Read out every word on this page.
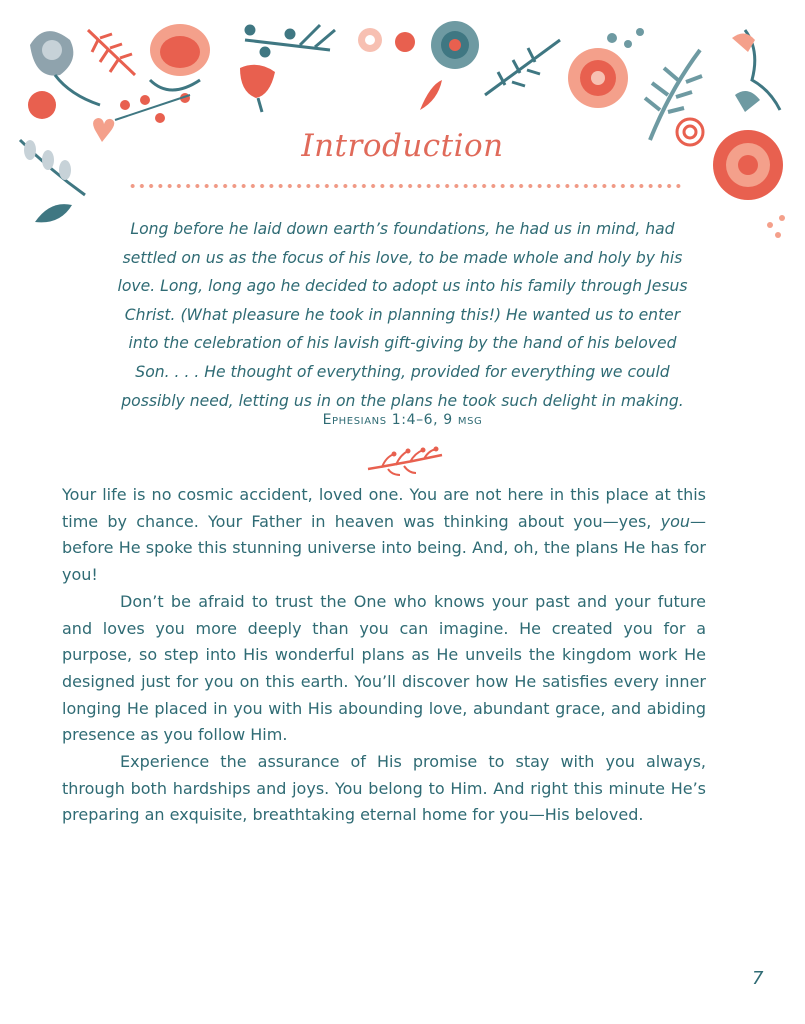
Introduction
Long before he laid down earth’s foundations, he had us in mind, had
settled on us as the focus of his love, to be made whole and holy by his
love. Long, long ago he decided to adopt us into his family through Jesus
Christ. (What pleasure he took in planning this!) He wanted us to enter
into the celebration of his lavish gift-giving by the hand of his beloved
Son. . . . He thought of everything, provided for everything we could
possibly need, letting us in on the plans he took such delight in making.
Ephesians 1:4–6, 9 msg

Your life is no cosmic accident, loved one. You are not here in this place at this time by chance. Your Father in heaven was thinking about you—yes, you—before He spoke this stunning universe into being. And, oh, the plans He has for you!

Don’t be afraid to trust the One who knows your past and your future and loves you more deeply than you can imagine. He created you for a purpose, so step into His wonderful plans as He unveils the kingdom work He designed just for you on this earth. You’ll discover how He satisfies every inner longing He placed in you with His abounding love, abundant grace, and abiding presence as you follow Him.

Experience the assurance of His promise to stay with you always, through both hardships and joys. You belong to Him. And right this minute He’s preparing an exquisite, breathtaking eternal home for you—His beloved.

7
